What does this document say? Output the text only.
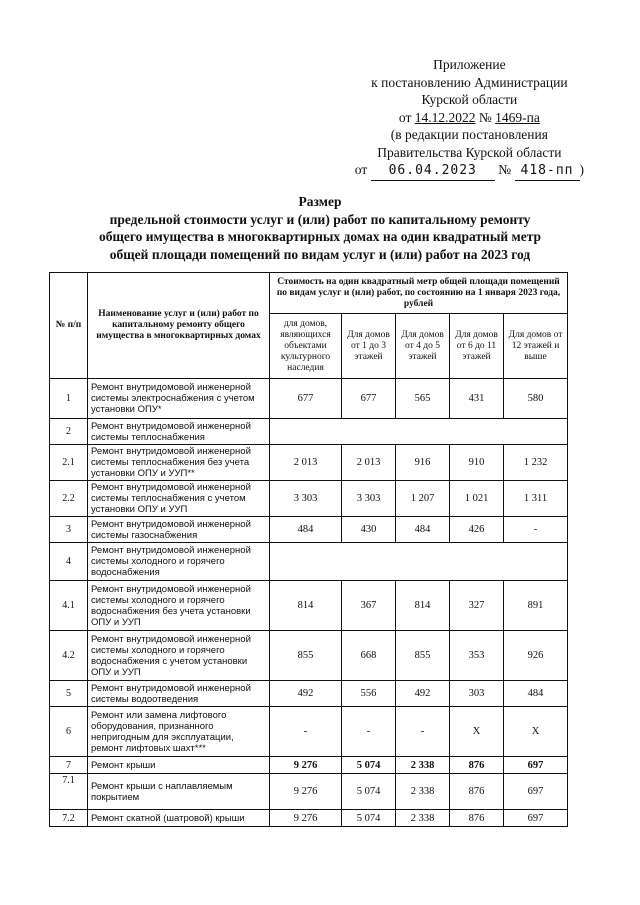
Приложение
к постановлению Администрации
Курской области
от 14.12.2022 № 1469-па
(в редакции постановления
Правительства Курской области
от 06.04.2023 № 418-пп )
Размер
предельной стоимости услуг и (или) работ по капитальному ремонту
общего имущества в многоквартирных домах на один квадратный метр
общей площади помещений по видам услуг и (или) работ на 2023 год
№ п/п	Наименование услуг и (или) работ по капитальному ремонту общего имущества в многоквартирных домах	Стоимость на один квадратный метр общей площади помещений по видам услуг и (или) работ, по состоянию на 1 января 2023 года, рублей				
		для домов, являющихся объектами культурного наследия	Для домов от 1 до 3 этажей	Для домов от 4 до 5 этажей	Для домов от 6 до 11 этажей	Для домов от 12 этажей и выше
1	Ремонт внутридомовой инженерной системы электроснабжения с учетом установки ОПУ*	677	677	565	431	580
2	Ремонт внутридомовой инженерной системы теплоснабжения					
2.1	Ремонт внутридомовой инженерной системы теплоснабжения без учета установки ОПУ и УУП**	2 013	2 013	916	910	1 232
2.2	Ремонт внутридомовой инженерной системы теплоснабжения с учетом установки ОПУ и УУП	3 303	3 303	1 207	1 021	1 311
3	Ремонт внутридомовой инженерной системы газоснабжения	484	430	484	426	-
4	Ремонт внутридомовой инженерной системы холодного и горячего водоснабжения					
4.1	Ремонт внутридомовой инженерной системы холодного и горячего водоснабжения без учета установки ОПУ и УУП	814	367	814	327	891
4.2	Ремонт внутридомовой инженерной системы холодного и горячего водоснабжения с учетом установки ОПУ и УУП	855	668	855	353	926
5	Ремонт внутридомовой инженерной системы водоотведения	492	556	492	303	484
6	Ремонт или замена лифтового оборудования, признанного непригодным для эксплуатации, ремонт лифтовых шахт***	-	-	-	X	X
7	Ремонт крыши	9 276	5 074	2 338	876	697
7.1	Ремонт крыши с наплавляемым покрытием	9 276	5 074	2 338	876	697
7.2	Ремонт скатной (шатровой) крыши	9 276	5 074	2 338	876	697
